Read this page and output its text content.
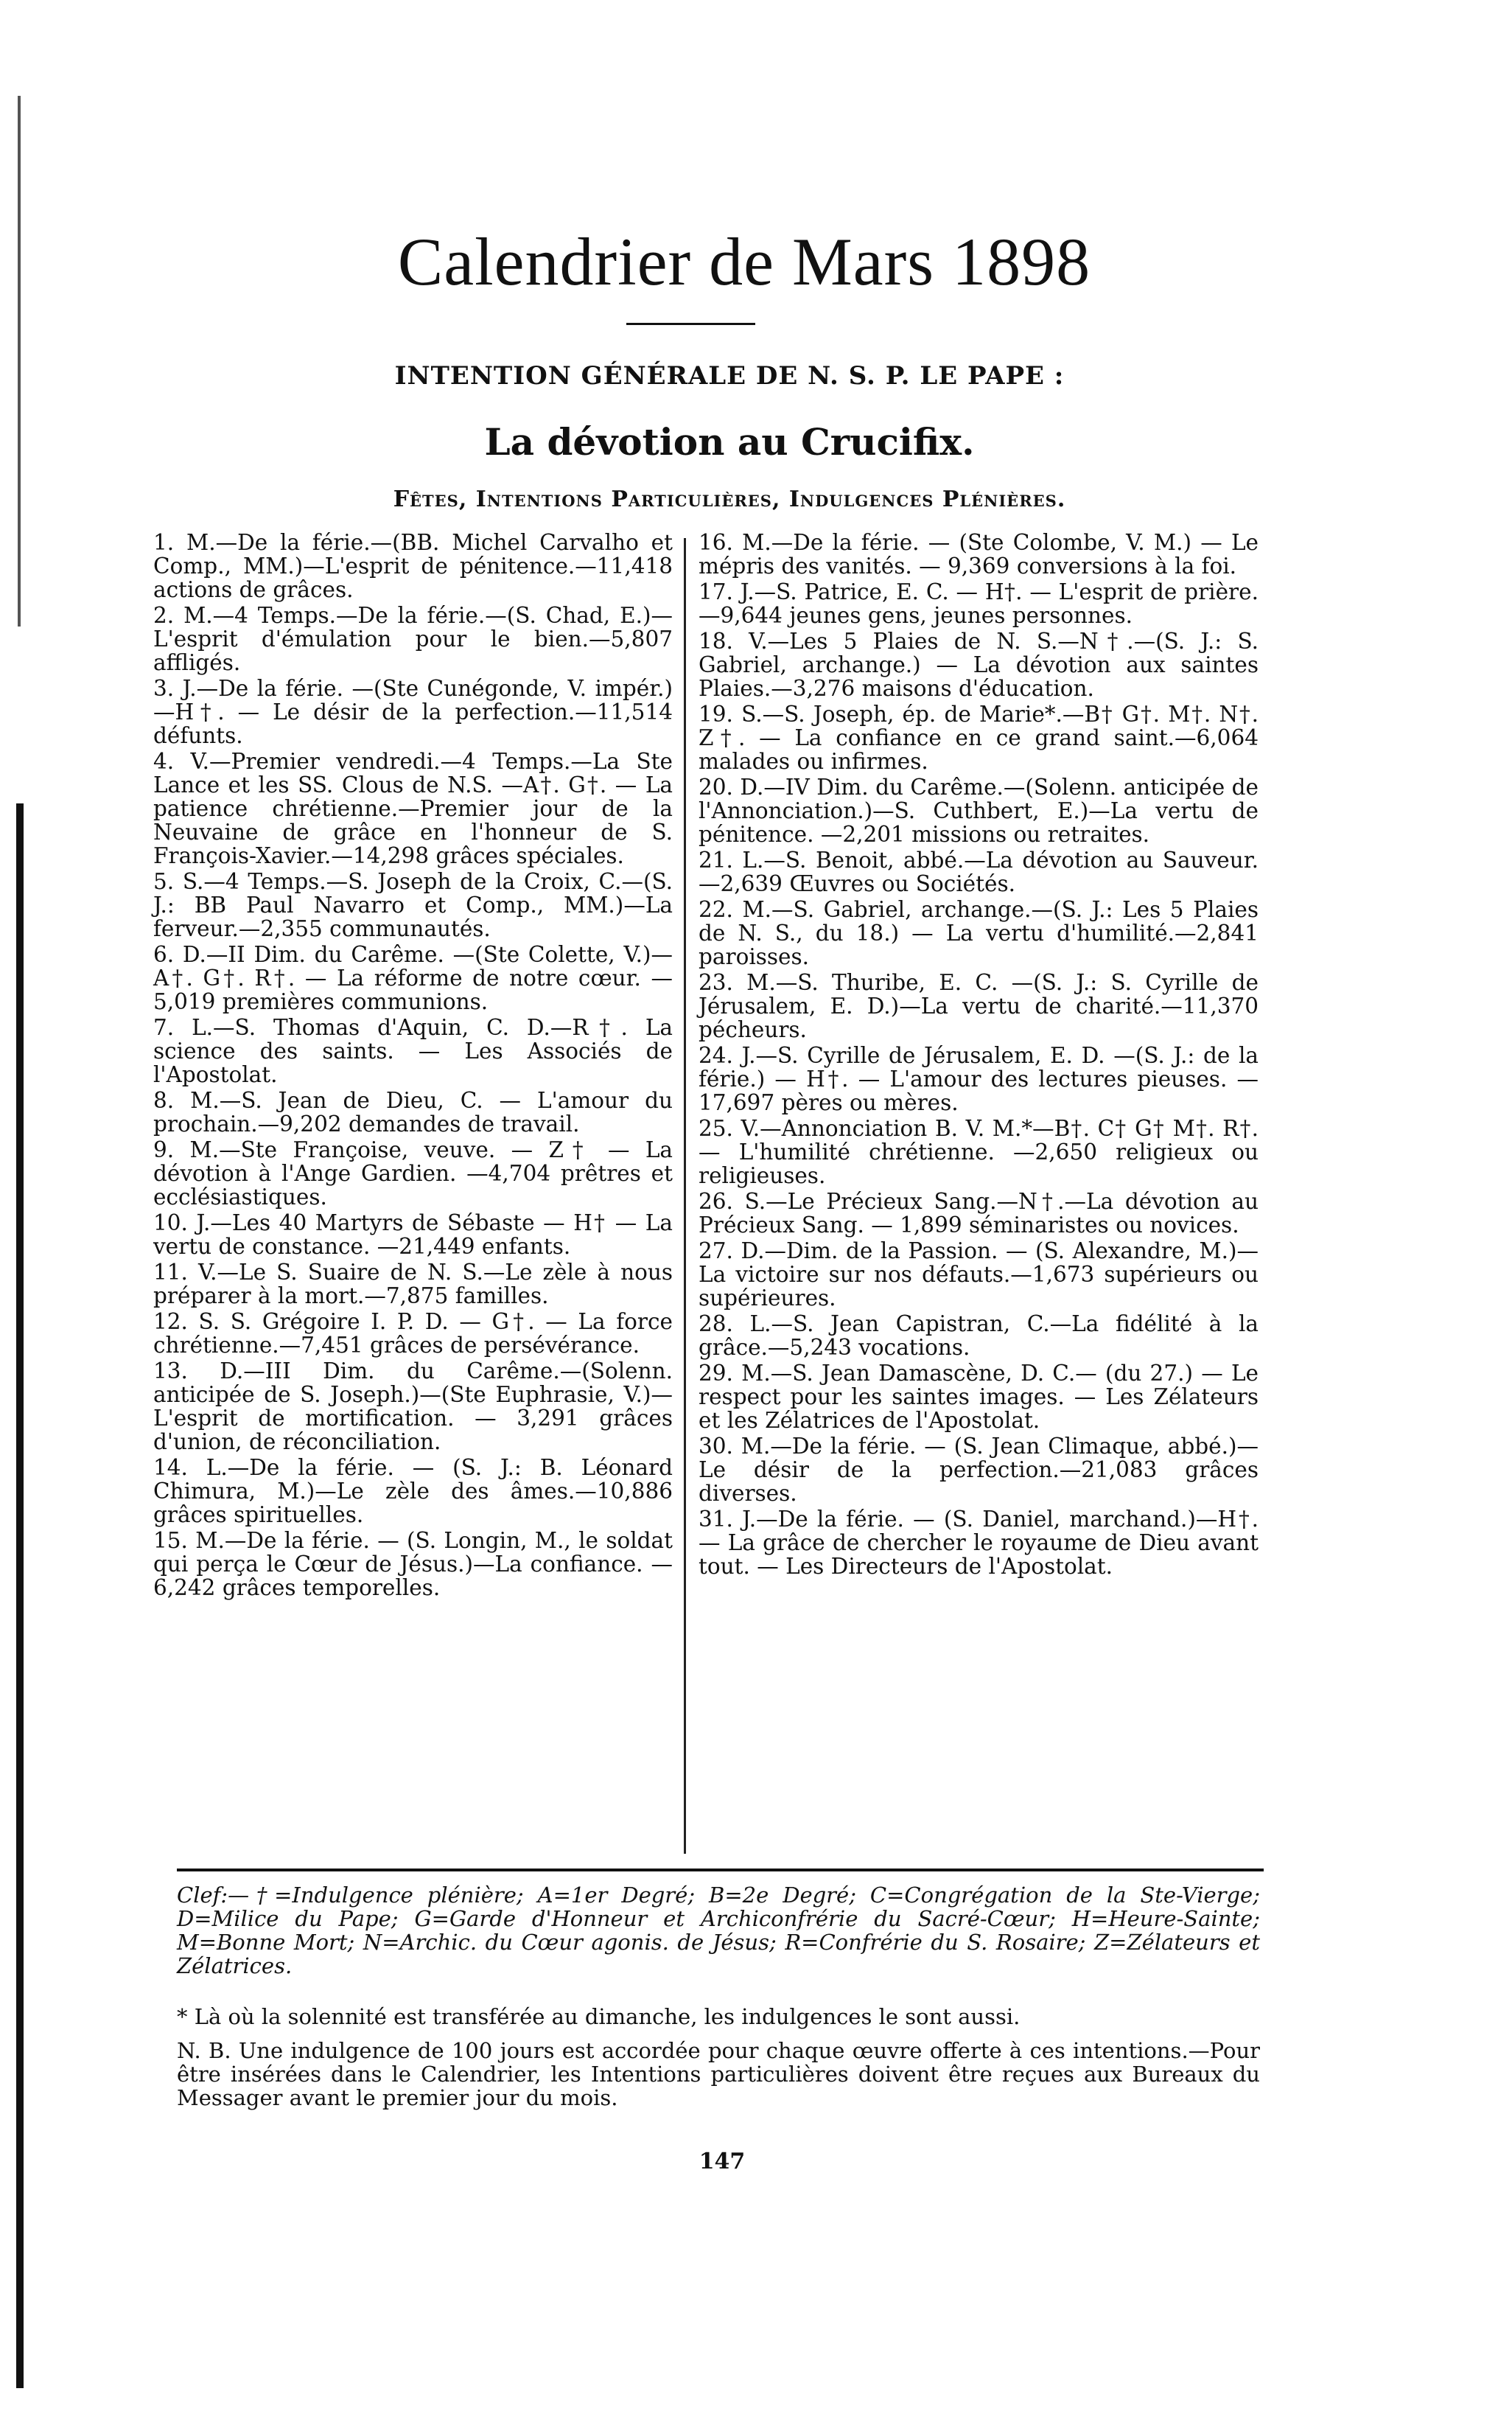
Calendrier de Mars 1898
INTENTION GÉNÉRALE DE N. S. P. LE PAPE :
La dévotion au Crucifix.
Fêtes, Intentions Particulières, Indulgences Plénières.

1. M.—De la férie.—(BB. Michel Carvalho et Comp., MM.)—L'esprit de pénitence.—11,418 actions de grâces.

2. M.—4 Temps.—De la férie.—(S. Chad, E.)—L'esprit d'émulation pour le bien.—5,807 affligés.

3. J.—De la férie. —(Ste Cunégonde, V. impér.)—H†. — Le désir de la perfection.—11,514 défunts.

4. V.—Premier vendredi.—4 Temps.—La Ste Lance et les SS. Clous de N.S. —A†. G†. — La patience chrétienne.—Premier jour de la Neuvaine de grâce en l'honneur de S. François-Xavier.—14,298 grâces spéciales.

5. S.—4 Temps.—S. Joseph de la Croix, C.—(S. J.: BB Paul Navarro et Comp., MM.)—La ferveur.—2,355 communautés.

6. D.—II Dim. du Carême. —(Ste Colette, V.)—A†. G†. R†. — La réforme de notre cœur. —5,019 premières communions.

7. L.—S. Thomas d'Aquin, C. D.—R†. La science des saints. — Les Associés de l'Apostolat.

8. M.—S. Jean de Dieu, C. — L'amour du prochain.—9,202 demandes de travail.

9. M.—Ste Françoise, veuve. — Z† — La dévotion à l'Ange Gardien. —4,704 prêtres et ecclésiastiques.

10. J.—Les 40 Martyrs de Sébaste — H† — La vertu de constance. —21,449 enfants.

11. V.—Le S. Suaire de N. S.—Le zèle à nous préparer à la mort.—7,875 familles.

12. S. S. Grégoire I. P. D. — G†. — La force chrétienne.—7,451 grâces de persévérance.

13. D.—III Dim. du Carême.—(Solenn. anticipée de S. Joseph.)—(Ste Euphrasie, V.)—L'esprit de mortification. — 3,291 grâces d'union, de réconciliation.

14. L.—De la férie. — (S. J.: B. Léonard Chimura, M.)—Le zèle des âmes.—10,886 grâces spirituelles.

15. M.—De la férie. — (S. Longin, M., le soldat qui perça le Cœur de Jésus.)—La confiance. — 6,242 grâces temporelles.

16. M.—De la férie. — (Ste Colombe, V. M.) — Le mépris des vanités. — 9,369 conversions à la foi.

17. J.—S. Patrice, E. C. — H†. — L'esprit de prière.—9,644 jeunes gens, jeunes personnes.

18. V.—Les 5 Plaies de N. S.—N†.—(S. J.: S. Gabriel, archange.) — La dévotion aux saintes Plaies.—3,276 maisons d'éducation.

19. S.—S. Joseph, ép. de Marie*.—B† G†. M†. N†. Z†. — La confiance en ce grand saint.—6,064 malades ou infirmes.

20. D.—IV Dim. du Carême.—(Solenn. anticipée de l'Annonciation.)—S. Cuthbert, E.)—La vertu de pénitence. —2,201 missions ou retraites.

21. L.—S. Benoit, abbé.—La dévotion au Sauveur.—2,639 Œuvres ou Sociétés.

22. M.—S. Gabriel, archange.—(S. J.: Les 5 Plaies de N. S., du 18.) — La vertu d'humilité.—2,841 paroisses.

23. M.—S. Thuribe, E. C. —(S. J.: S. Cyrille de Jérusalem, E. D.)—La vertu de charité.—11,370 pécheurs.

24. J.—S. Cyrille de Jérusalem, E. D. —(S. J.: de la férie.) — H†. — L'amour des lectures pieuses. —17,697 pères ou mères.

25. V.—Annonciation B. V. M.*—B†. C† G† M†. R†. — L'humilité chrétienne. —2,650 religieux ou religieuses.

26. S.—Le Précieux Sang.—N†.—La dévotion au Précieux Sang. — 1,899 séminaristes ou novices.

27. D.—Dim. de la Passion. — (S. Alexandre, M.)—La victoire sur nos défauts.—1,673 supérieurs ou supérieures.

28. L.—S. Jean Capistran, C.—La fidélité à la grâce.—5,243 vocations.

29. M.—S. Jean Damascène, D. C.— (du 27.) — Le respect pour les saintes images. — Les Zélateurs et les Zélatrices de l'Apostolat.

30. M.—De la férie. — (S. Jean Climaque, abbé.)—Le désir de la perfection.—21,083 grâces diverses.

31. J.—De la férie. — (S. Daniel, marchand.)—H†. — La grâce de chercher le royaume de Dieu avant tout. — Les Directeurs de l'Apostolat.

Clef:—†=Indulgence plénière; A=1er Degré; B=2e Degré; C=Congrégation de la Ste-Vierge; D=Milice du Pape; G=Garde d'Honneur et Archiconfrérie du Sacré-Cœur; H=Heure-Sainte; M=Bonne Mort; N=Archic. du Cœur agonis. de Jésus; R=Confrérie du S. Rosaire; Z=Zélateurs et Zélatrices.

* Là où la solennité est transférée au dimanche, les indulgences le sont aussi.

N. B. Une indulgence de 100 jours est accordée pour chaque œuvre offerte à ces intentions.—Pour être insérées dans le Calendrier, les Intentions particulières doivent être reçues aux Bureaux du Messager avant le premier jour du mois.

147
